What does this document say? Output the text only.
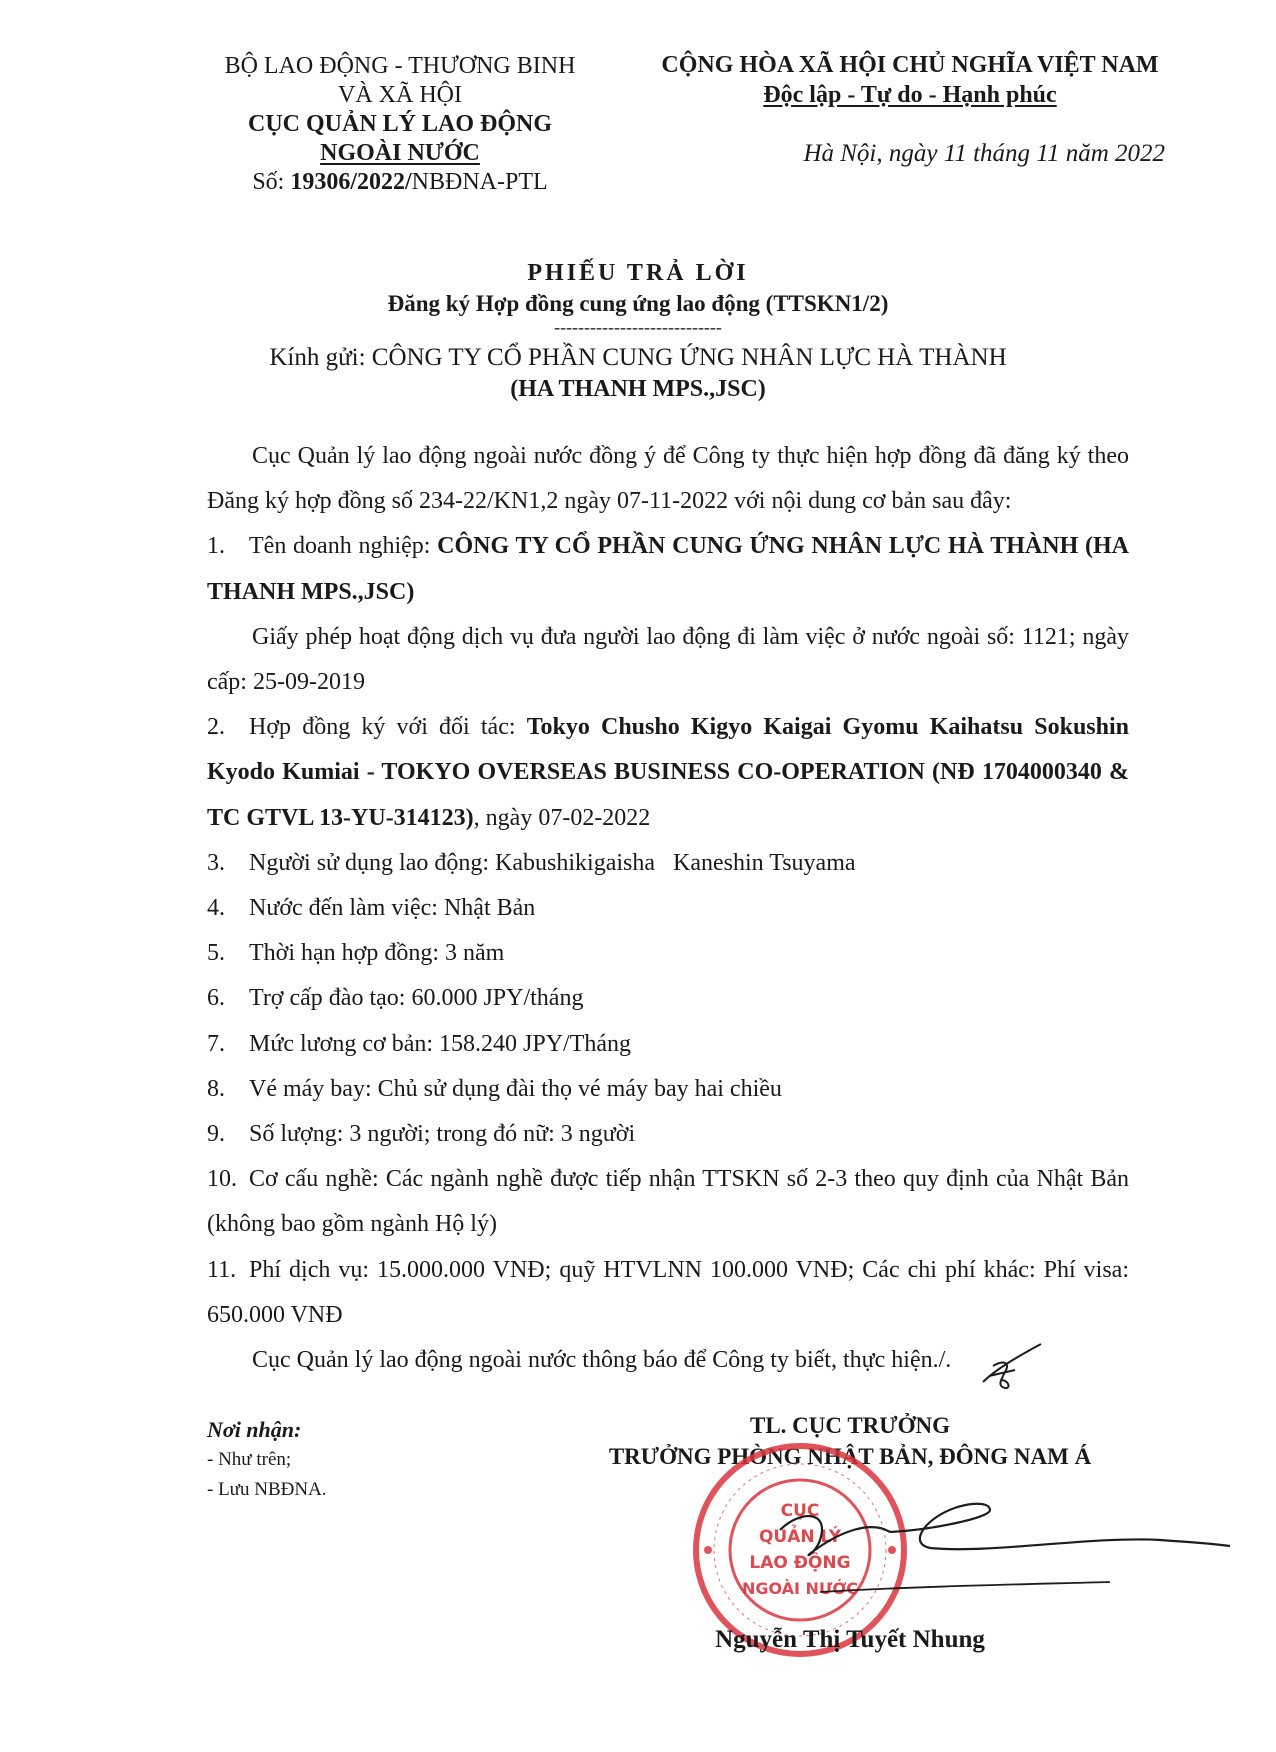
BỘ LAO ĐỘNG - THƯƠNG BINH
VÀ XÃ HỘI
CỤC QUẢN LÝ LAO ĐỘNG
NGOÀI NƯỚC
Số: 19306/2022/NBĐNA-PTL
CỘNG HÒA XÃ HỘI CHỦ NGHĨA VIỆT NAM
Độc lập - Tự do - Hạnh phúc
Hà Nội, ngày 11 tháng 11 năm 2022
PHIẾU TRẢ LỜI
Đăng ký Hợp đồng cung ứng lao động (TTSKN1/2)
----------------------------
Kính gửi: CÔNG TY CỔ PHẦN CUNG ỨNG NHÂN LỰC HÀ THÀNH
(HA THANH MPS.,JSC)

Cục Quản lý lao động ngoài nước đồng ý để Công ty thực hiện hợp đồng đã đăng ký theo Đăng ký hợp đồng số 234-22/KN1,2 ngày 07-11-2022 với nội dung cơ bản sau đây:

1. Tên doanh nghiệp: CÔNG TY CỔ PHẦN CUNG ỨNG NHÂN LỰC HÀ THÀNH (HA THANH MPS.,JSC)

Giấy phép hoạt động dịch vụ đưa người lao động đi làm việc ở nước ngoài số: 1121; ngày cấp: 25-09-2019

2. Hợp đồng ký với đối tác: Tokyo Chusho Kigyo Kaigai Gyomu Kaihatsu Sokushin Kyodo Kumiai - TOKYO OVERSEAS BUSINESS CO-OPERATION (NĐ 1704000340 & TC GTVL 13-YU-314123), ngày 07-02-2022

3. Người sử dụng lao động: Kabushikigaisha   Kaneshin Tsuyama

4. Nước đến làm việc: Nhật Bản

5. Thời hạn hợp đồng: 3 năm

6. Trợ cấp đào tạo: 60.000 JPY/tháng

7. Mức lương cơ bản: 158.240 JPY/Tháng

8. Vé máy bay: Chủ sử dụng đài thọ vé máy bay hai chiều

9. Số lượng: 3 người; trong đó nữ: 3 người

10. Cơ cấu nghề: Các ngành nghề được tiếp nhận TTSKN số 2-3 theo quy định của Nhật Bản (không bao gồm ngành Hộ lý)

11. Phí dịch vụ: 15.000.000 VNĐ; quỹ HTVLNN 100.000 VNĐ; Các chi phí khác: Phí visa: 650.000 VNĐ

Cục Quản lý lao động ngoài nước thông báo để Công ty biết, thực hiện./.

Nơi nhận:
- Như trên;
- Lưu NBĐNA.
TL. CỤC TRƯỞNG
TRƯỞNG PHÒNG NHẬT BẢN, ĐÔNG NAM Á
CỤC
QUẢN LÝ
LAO ĐỘNG
NGOÀI NƯỚC
Nguyễn Thị Tuyết Nhung
